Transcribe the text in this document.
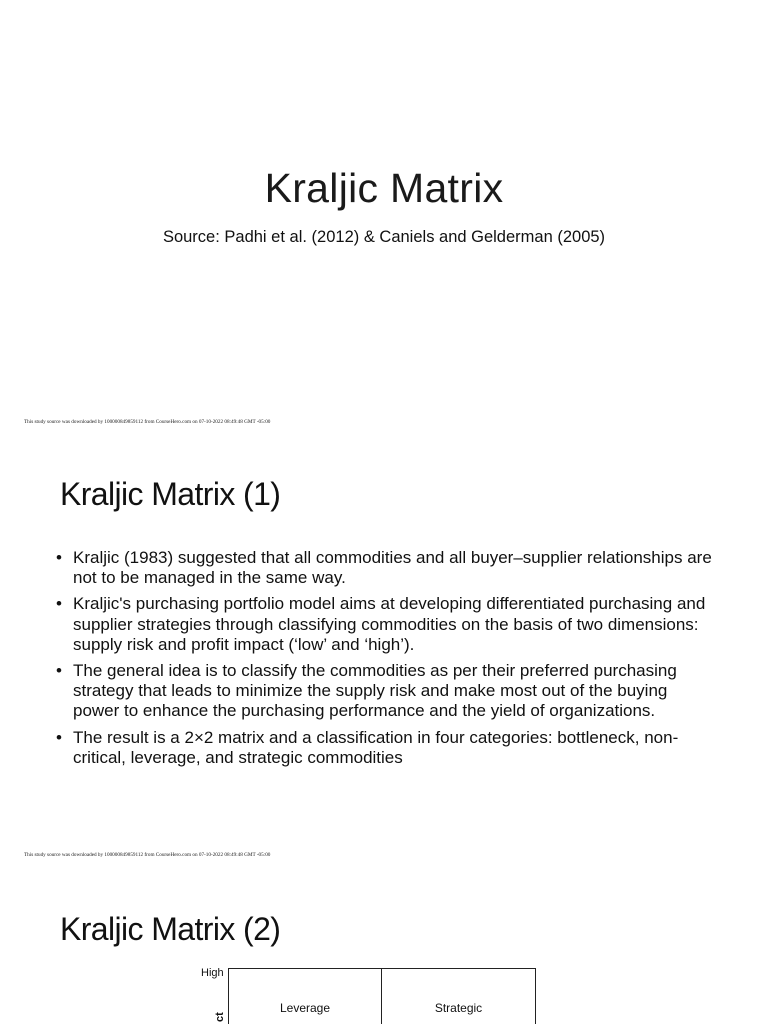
Kraljic Matrix
Source: Padhi et al. (2012) & Caniels and Gelderman (2005)
This study source was downloaded by 100000849859112 from CourseHero.com on 07-10-2022 08:49:48 GMT -05:00
Kraljic Matrix (1)
• Kraljic (1983) suggested that all commodities and all buyer–supplier relationships are not to be managed in the same way.
• Kraljic's purchasing portfolio model aims at developing differentiated purchasing and supplier strategies through classifying commodities on the basis of two dimensions: supply risk and profit impact (‘low’ and ‘high’).
• The general idea is to classify the commodities as per their preferred purchasing strategy that leads to minimize the supply risk and make most out of the buying power to enhance the purchasing performance and the yield of organizations.
• The result is a 2×2 matrix and a classification in four categories: bottleneck, non-critical, leverage, and strategic commodities
This study source was downloaded by 100000849859112 from CourseHero.com on 07-10-2022 08:49:48 GMT -05:00
Kraljic Matrix (2)
High
ct
Leverage	Strategic
